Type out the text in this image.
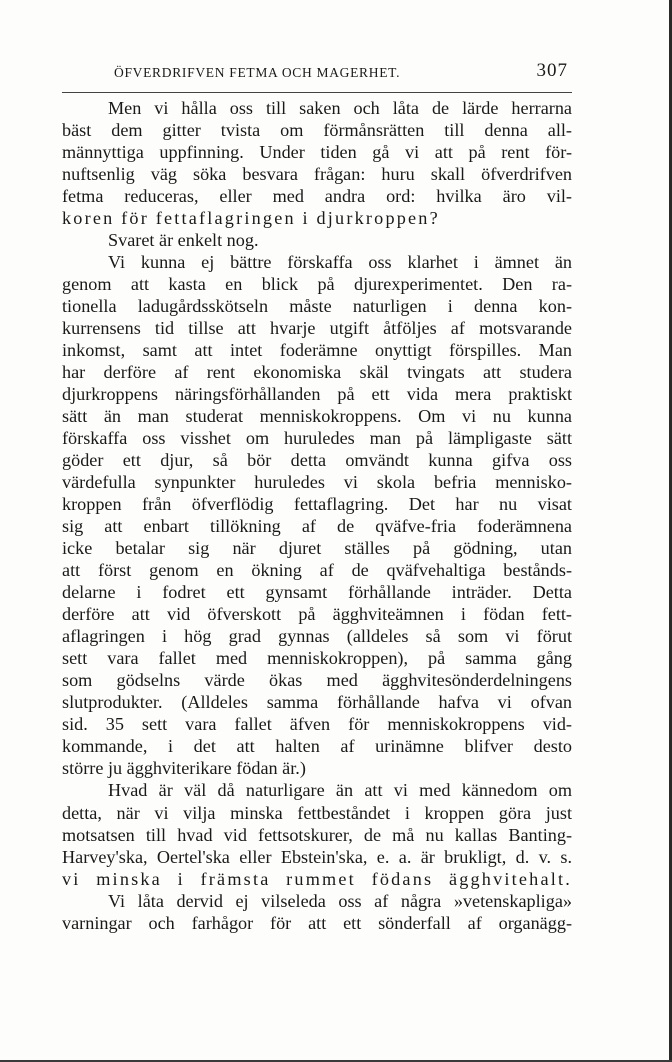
ÖFVERDRIFVEN FETMA OCH MAGERHET.	307
Men vi hålla oss till saken och låta de lärde herrarna
bäst dem gitter tvista om förmånsrätten till denna all-
männyttiga uppfinning. Under tiden gå vi att på rent för-
nuftsenlig väg söka besvara frågan: huru skall öfverdrifven
fetma reduceras, eller med andra ord: hvilka äro vil-
koren för fettaflagringen i djurkroppen?
Svaret är enkelt nog.
Vi kunna ej bättre förskaffa oss klarhet i ämnet än
genom att kasta en blick på djurexperimentet. Den ra-
tionella ladugårdsskötseln måste naturligen i denna kon-
kurrensens tid tillse att hvarje utgift åtföljes af motsvarande
inkomst, samt att intet foderämne onyttigt förspilles. Man
har derföre af rent ekonomiska skäl tvingats att studera
djurkroppens näringsförhållanden på ett vida mera praktiskt
sätt än man studerat menniskokroppens. Om vi nu kunna
förskaffa oss visshet om huruledes man på lämpligaste sätt
göder ett djur, så bör detta omvändt kunna gifva oss
värdefulla synpunkter huruledes vi skola befria mennisko-
kroppen från öfverflödig fettaflagring. Det har nu visat
sig att enbart tillökning af de qväfve-fria foderämnena
icke betalar sig när djuret ställes på gödning, utan
att först genom en ökning af de qväfvehaltiga bestånds-
delarne i fodret ett gynsamt förhållande inträder. Detta
derföre att vid öfverskott på ägghviteämnen i födan fett-
aflagringen i hög grad gynnas (alldeles så som vi förut
sett vara fallet med menniskokroppen), på samma gång
som gödselns värde ökas med ägghvitesönderdelningens
slutprodukter. (Alldeles samma förhållande hafva vi ofvan
sid. 35 sett vara fallet äfven för menniskokroppens vid-
kommande, i det att halten af urinämne blifver desto
större ju ägghviterikare födan är.)
Hvad är väl då naturligare än att vi med kännedom om
detta, när vi vilja minska fettbeståndet i kroppen göra just
motsatsen till hvad vid fettsotskurer, de må nu kallas Banting-
Harvey'ska, Oertel'ska eller Ebstein'ska, e. a. är brukligt, d. v. s.
vi minska i främsta rummet födans ägghvitehalt.
Vi låta dervid ej vilseleda oss af några »vetenskapliga»
varningar och farhågor för att ett sönderfall af organägg-
